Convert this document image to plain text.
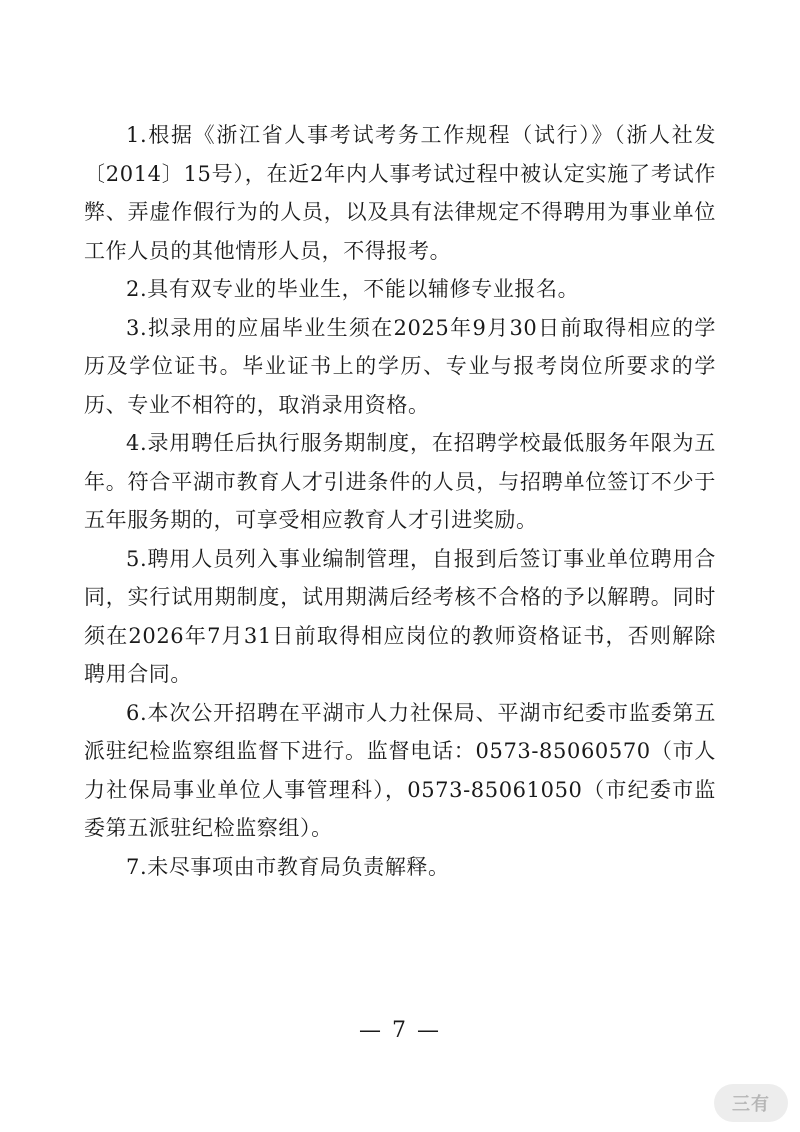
1.根据《浙江省人事考试考务工作规程（试行）》（浙人社发〔2014〕15号），在近2年内人事考试过程中被认定实施了考试作弊、弄虚作假行为的人员，以及具有法律规定不得聘用为事业单位工作人员的其他情形人员，不得报考。

2.具有双专业的毕业生，不能以辅修专业报名。

3.拟录用的应届毕业生须在2025年9月30日前取得相应的学历及学位证书。毕业证书上的学历、专业与报考岗位所要求的学历、专业不相符的，取消录用资格。

4.录用聘任后执行服务期制度，在招聘学校最低服务年限为五年。符合平湖市教育人才引进条件的人员，与招聘单位签订不少于五年服务期的，可享受相应教育人才引进奖励。

5.聘用人员列入事业编制管理，自报到后签订事业单位聘用合同，实行试用期制度，试用期满后经考核不合格的予以解聘。同时须在2026年7月31日前取得相应岗位的教师资格证书，否则解除聘用合同。

6.本次公开招聘在平湖市人力社保局、平湖市纪委市监委第五派驻纪检监察组监督下进行。监督电话：0573-85060570（市人力社保局事业单位人事管理科），0573-85061050（市纪委市监委第五派驻纪检监察组）。

7.未尽事项由市教育局负责解释。

— 7 —
三有
